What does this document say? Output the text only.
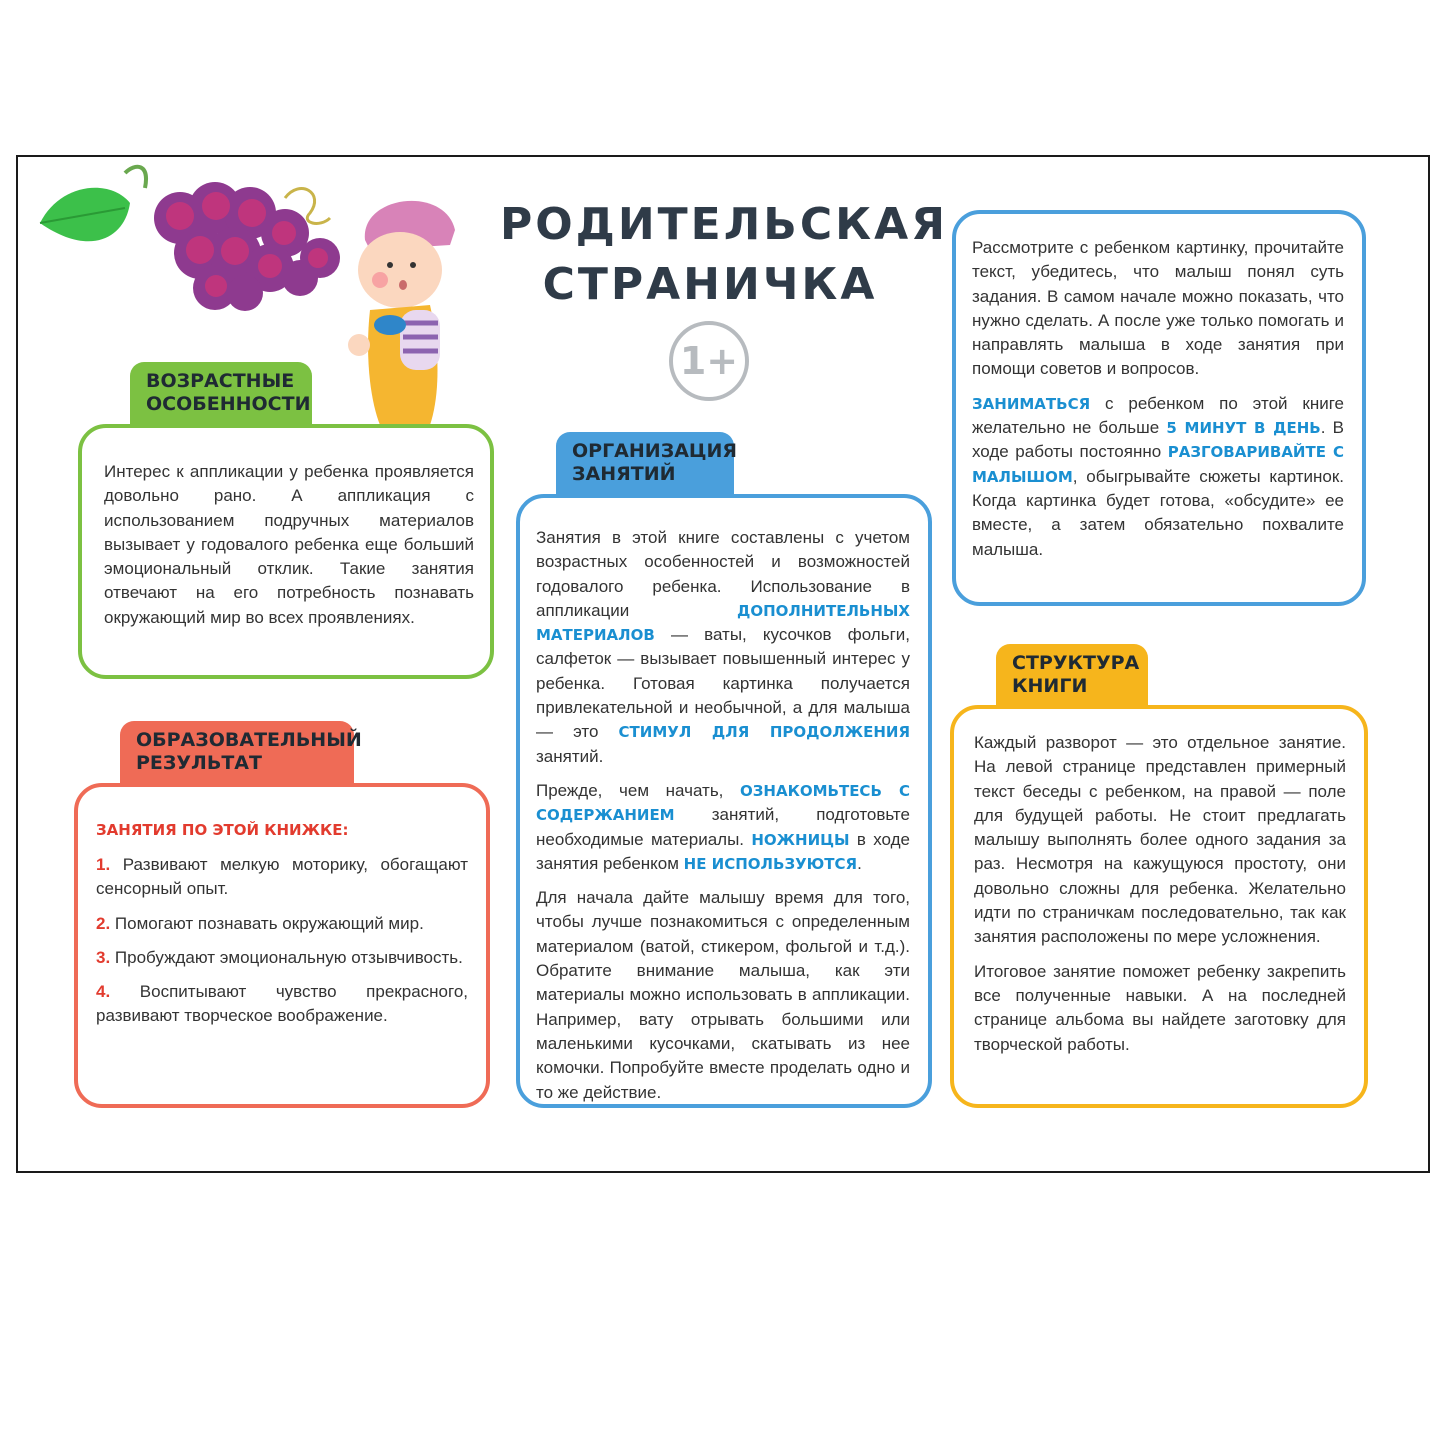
РОДИТЕЛЬСКАЯ
СТРАНИЧКА
1+
ВОЗРАСТНЫЕ
ОСОБЕННОСТИ

Интерес к аппликации у ребенка проявляется довольно рано. А аппликация с использованием подручных материалов вызывает у годовалого ребенка еще больший эмоциональный отклик. Такие занятия отвечают на его потребность познавать окружающий мир во всех проявлениях.

ОБРАЗОВАТЕЛЬНЫЙ
РЕЗУЛЬТАТ
ЗАНЯТИЯ ПО ЭТОЙ КНИЖКЕ:
1. Развивают мелкую моторику, обогащают сенсорный опыт.
2. Помогают познавать окружающий мир.
3. Пробуждают эмоциональную отзывчивость.
4. Воспитывают чувство прекрасного, развивают творческое воображение.
ОРГАНИЗАЦИЯ
ЗАНЯТИЙ

Занятия в этой книге составлены с учетом возрастных особенностей и возможностей годовалого ребенка. Использование в аппликации ДОПОЛНИТЕЛЬНЫХ МАТЕРИАЛОВ — ваты, кусочков фольги, салфеток — вызывает повышенный интерес у ребенка. Готовая картинка получается привлекательной и необычной, а для малыша — это СТИМУЛ ДЛЯ ПРОДОЛЖЕНИЯ занятий.

Прежде, чем начать, ОЗНАКОМЬТЕСЬ С СОДЕРЖАНИЕМ занятий, подготовьте необходимые материалы. НОЖНИЦЫ в ходе занятия ребенком НЕ ИСПОЛЬЗУЮТСЯ.

Для начала дайте малышу время для того, чтобы лучше познакомиться с определенным материалом (ватой, стикером, фольгой и т.д.). Обратите внимание малыша, как эти материалы можно использовать в аппликации. Например, вату отрывать большими или маленькими кусочками, скатывать из нее комочки. Попробуйте вместе проделать одно и то же действие.

Рассмотрите с ребенком картинку, прочитайте текст, убедитесь, что малыш понял суть задания. В самом начале можно показать, что нужно сделать. А после уже только помогать и направлять малыша в ходе занятия при помощи советов и вопросов.

ЗАНИМАТЬСЯ с ребенком по этой книге желательно не больше 5 МИНУТ В ДЕНЬ. В ходе работы постоянно РАЗГОВАРИВАЙТЕ С МАЛЫШОМ, обыгрывайте сюжеты картинок. Когда картинка будет готова, «обсудите» ее вместе, а затем обязательно похвалите малыша.

СТРУКТУРА
КНИГИ

Каждый разворот — это отдельное занятие. На левой странице представлен примерный текст беседы с ребенком, на правой — поле для будущей работы. Не стоит предлагать малышу выполнять более одного задания за раз. Несмотря на кажущуюся простоту, они довольно сложны для ребенка. Желательно идти по страничкам последовательно, так как занятия расположены по мере усложнения.

Итоговое занятие поможет ребенку закрепить все полученные навыки. А на последней странице альбома вы найдете заготовку для творческой работы.
